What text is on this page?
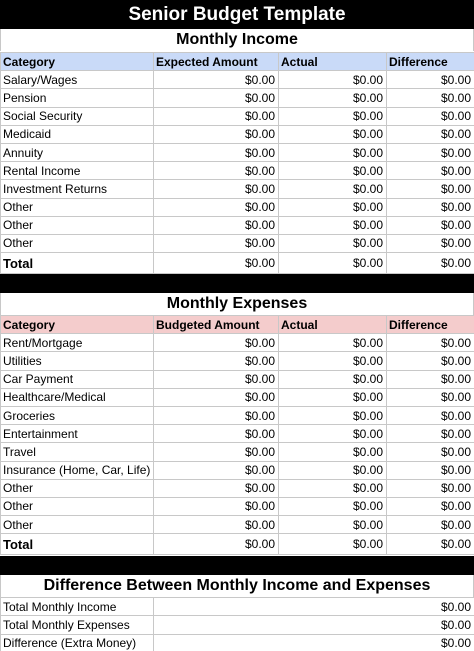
Senior Budget Template
Monthly Income
Category	Expected Amount	Actual	Difference
Salary/Wages	$0.00	$0.00	$0.00
Pension	$0.00	$0.00	$0.00
Social Security	$0.00	$0.00	$0.00
Medicaid	$0.00	$0.00	$0.00
Annuity	$0.00	$0.00	$0.00
Rental Income	$0.00	$0.00	$0.00
Investment Returns	$0.00	$0.00	$0.00
Other	$0.00	$0.00	$0.00
Other	$0.00	$0.00	$0.00
Other	$0.00	$0.00	$0.00
Total	$0.00	$0.00	$0.00
Monthly Expenses
Category	Budgeted Amount	Actual	Difference
Rent/Mortgage	$0.00	$0.00	$0.00
Utilities	$0.00	$0.00	$0.00
Car Payment	$0.00	$0.00	$0.00
Healthcare/Medical	$0.00	$0.00	$0.00
Groceries	$0.00	$0.00	$0.00
Entertainment	$0.00	$0.00	$0.00
Travel	$0.00	$0.00	$0.00
Insurance (Home, Car, Life)	$0.00	$0.00	$0.00
Other	$0.00	$0.00	$0.00
Other	$0.00	$0.00	$0.00
Other	$0.00	$0.00	$0.00
Total	$0.00	$0.00	$0.00
Difference Between Monthly Income and Expenses
Total Monthly Income	$0.00
Total Monthly Expenses	$0.00
Difference (Extra Money)	$0.00
